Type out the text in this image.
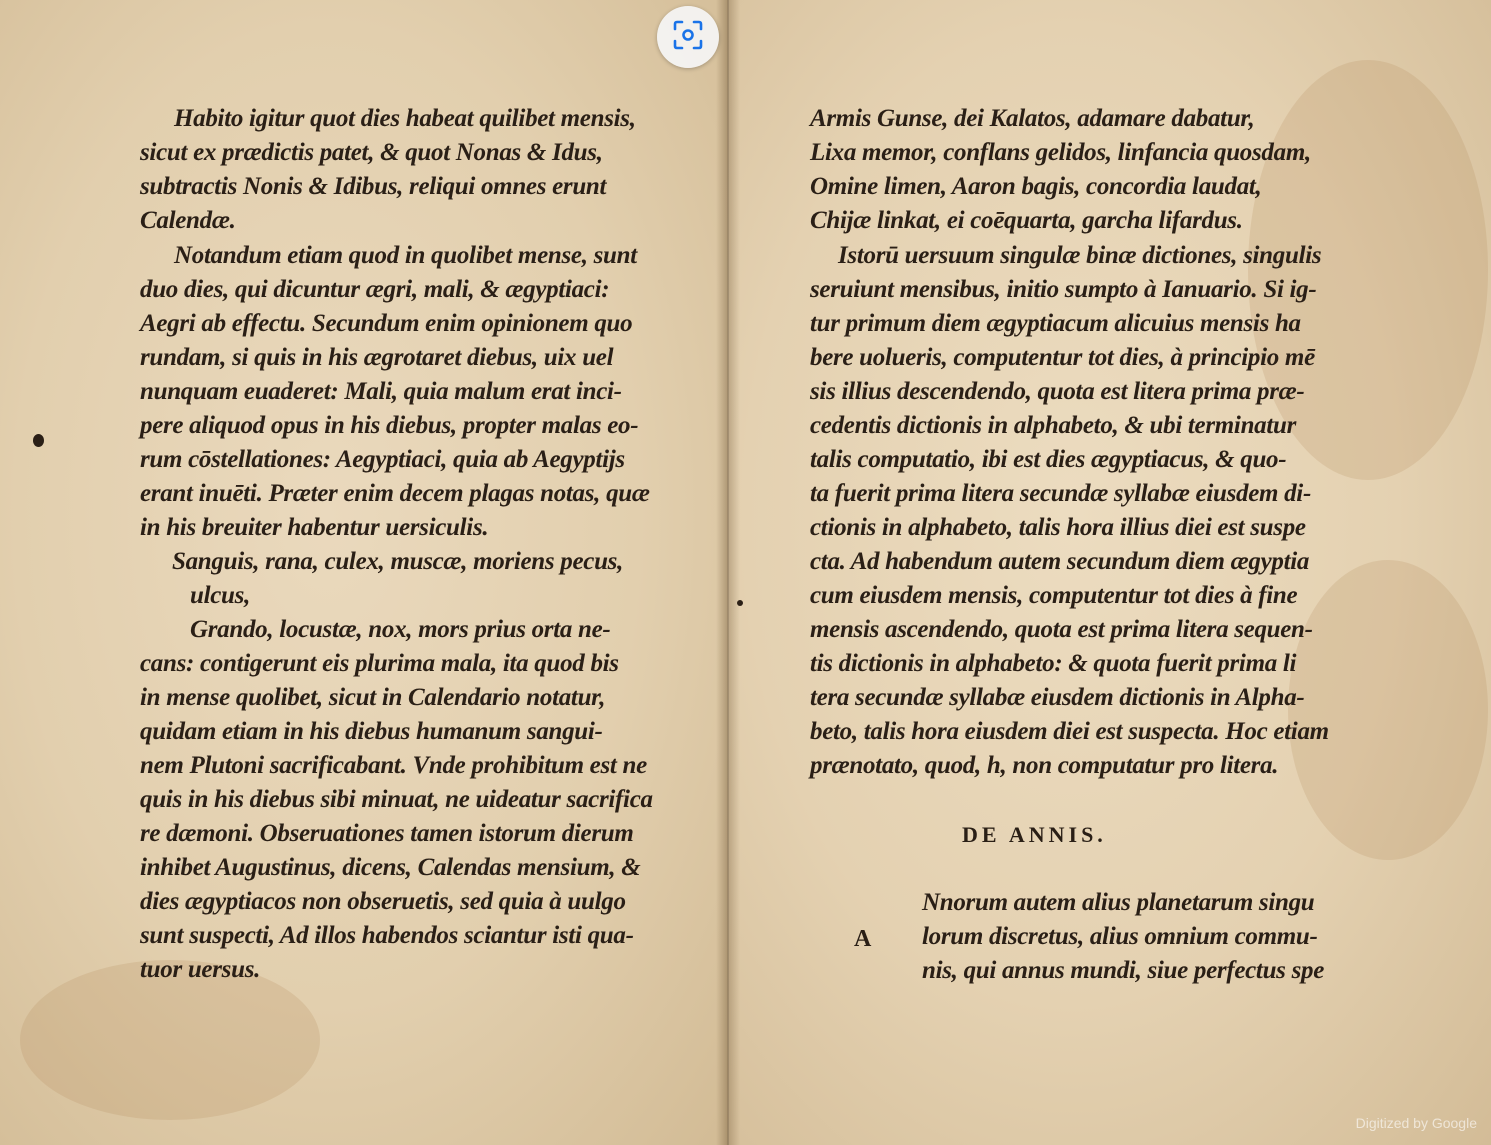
Habito igitur quot dies habeat quilibet mensis,
sicut ex prædictis patet, & quot Nonas & Idus,
subtractis Nonis & Idibus, reliqui omnes erunt
Calendæ.
Notandum etiam quod in quolibet mense, sunt
duo dies, qui dicuntur ægri, mali, & ægyptiaci:
Aegri ab effectu. Secundum enim opinionem quo
rundam, si quis in his ægrotaret diebus, uix uel
nunquam euaderet: Mali, quia malum erat inci-
pere aliquod opus in his diebus, propter malas eo-
rum cōstellationes: Aegyptiaci, quia ab Aegyptijs
erant inuēti. Præter enim decem plagas notas, quæ
in his breuiter habentur uersiculis.
Sanguis, rana, culex, muscæ, moriens pecus,
ulcus,
Grando, locustæ, nox, mors prius orta ne-
cans: contigerunt eis plurima mala, ita quod bis
in mense quolibet, sicut in Calendario notatur,
quidam etiam in his diebus humanum sangui-
nem Plutoni sacrificabant. Vnde prohibitum est ne
quis in his diebus sibi minuat, ne uideatur sacrifica
re dæmoni. Obseruationes tamen istorum dierum
inhibet Augustinus, dicens, Calendas mensium, &
dies ægyptiacos non obseruetis, sed quia à uulgo
sunt suspecti, Ad illos habendos sciantur isti qua-
tuor uersus.
Armis Gunse, dei Kalatos, adamare dabatur,
Lixa memor, conflans gelidos, linfancia quosdam,
Omine limen, Aaron bagis, concordia laudat,
Chijæ linkat, ei coēquarta, garcha lifardus.
Istorū uersuum singulæ binæ dictiones, singulis
seruiunt mensibus, initio sumpto à Ianuario. Si ig-
tur primum diem ægyptiacum alicuius mensis ha
bere uolueris, computentur tot dies, à principio mē
sis illius descendendo, quota est litera prima præ-
cedentis dictionis in alphabeto, & ubi terminatur
talis computatio, ibi est dies ægyptiacus, & quo-
ta fuerit prima litera secundæ syllabæ eiusdem di-
ctionis in alphabeto, talis hora illius diei est suspe
cta. Ad habendum autem secundum diem ægyptia
cum eiusdem mensis, computentur tot dies à fine
mensis ascendendo, quota est prima litera sequen-
tis dictionis in alphabeto: & quota fuerit prima li
tera secundæ syllabæ eiusdem dictionis in Alpha-
beto, talis hora eiusdem diei est suspecta. Hoc etiam
prænotato, quod, h, non computatur pro litera.
DE ANNIS.
A
Nnorum autem alius planetarum singu
lorum discretus, alius omnium commu-
nis, qui annus mundi, siue perfectus spe
Digitized by Google
